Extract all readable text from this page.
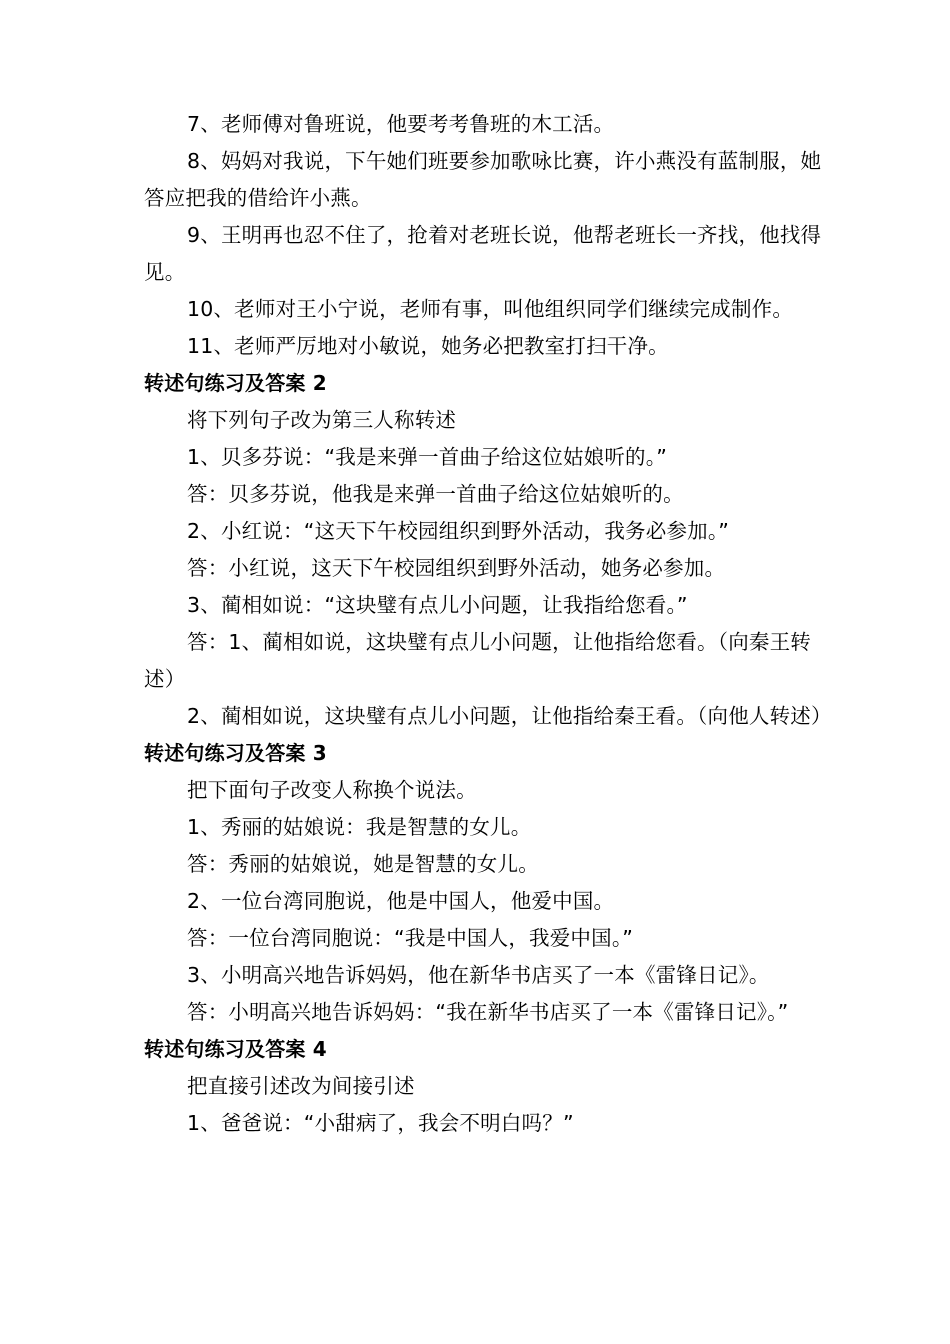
7、老师傅对鲁班说，他要考考鲁班的木工活。

8、妈妈对我说，下午她们班要参加歌咏比赛，许小燕没有蓝制服，她答应把我的借给许小燕。

9、王明再也忍不住了，抢着对老班长说，他帮老班长一齐找，他找得见。

10、老师对王小宁说，老师有事，叫他组织同学们继续完成制作。

11、老师严厉地对小敏说，她务必把教室打扫干净。

转述句练习及答案 2

将下列句子改为第三人称转述

1、贝多芬说：“我是来弹一首曲子给这位姑娘听的。”

答：贝多芬说，他我是来弹一首曲子给这位姑娘听的。

2、小红说：“这天下午校园组织到野外活动，我务必参加。”

答：小红说，这天下午校园组织到野外活动，她务必参加。

3、蔺相如说：“这块璧有点儿小问题，让我指给您看。”

答：1、蔺相如说，这块璧有点儿小问题，让他指给您看。（向秦王转述）

2、蔺相如说，这块璧有点儿小问题，让他指给秦王看。（向他人转述）

转述句练习及答案 3

把下面句子改变人称换个说法。

1、秀丽的姑娘说：我是智慧的女儿。

答：秀丽的姑娘说，她是智慧的女儿。

2、一位台湾同胞说，他是中国人，他爱中国。

答：一位台湾同胞说：“我是中国人，我爱中国。”

3、小明高兴地告诉妈妈，他在新华书店买了一本《雷锋日记》。

答：小明高兴地告诉妈妈：“我在新华书店买了一本《雷锋日记》。”

转述句练习及答案 4

把直接引述改为间接引述

1、爸爸说：“小甜病了，我会不明白吗？”
